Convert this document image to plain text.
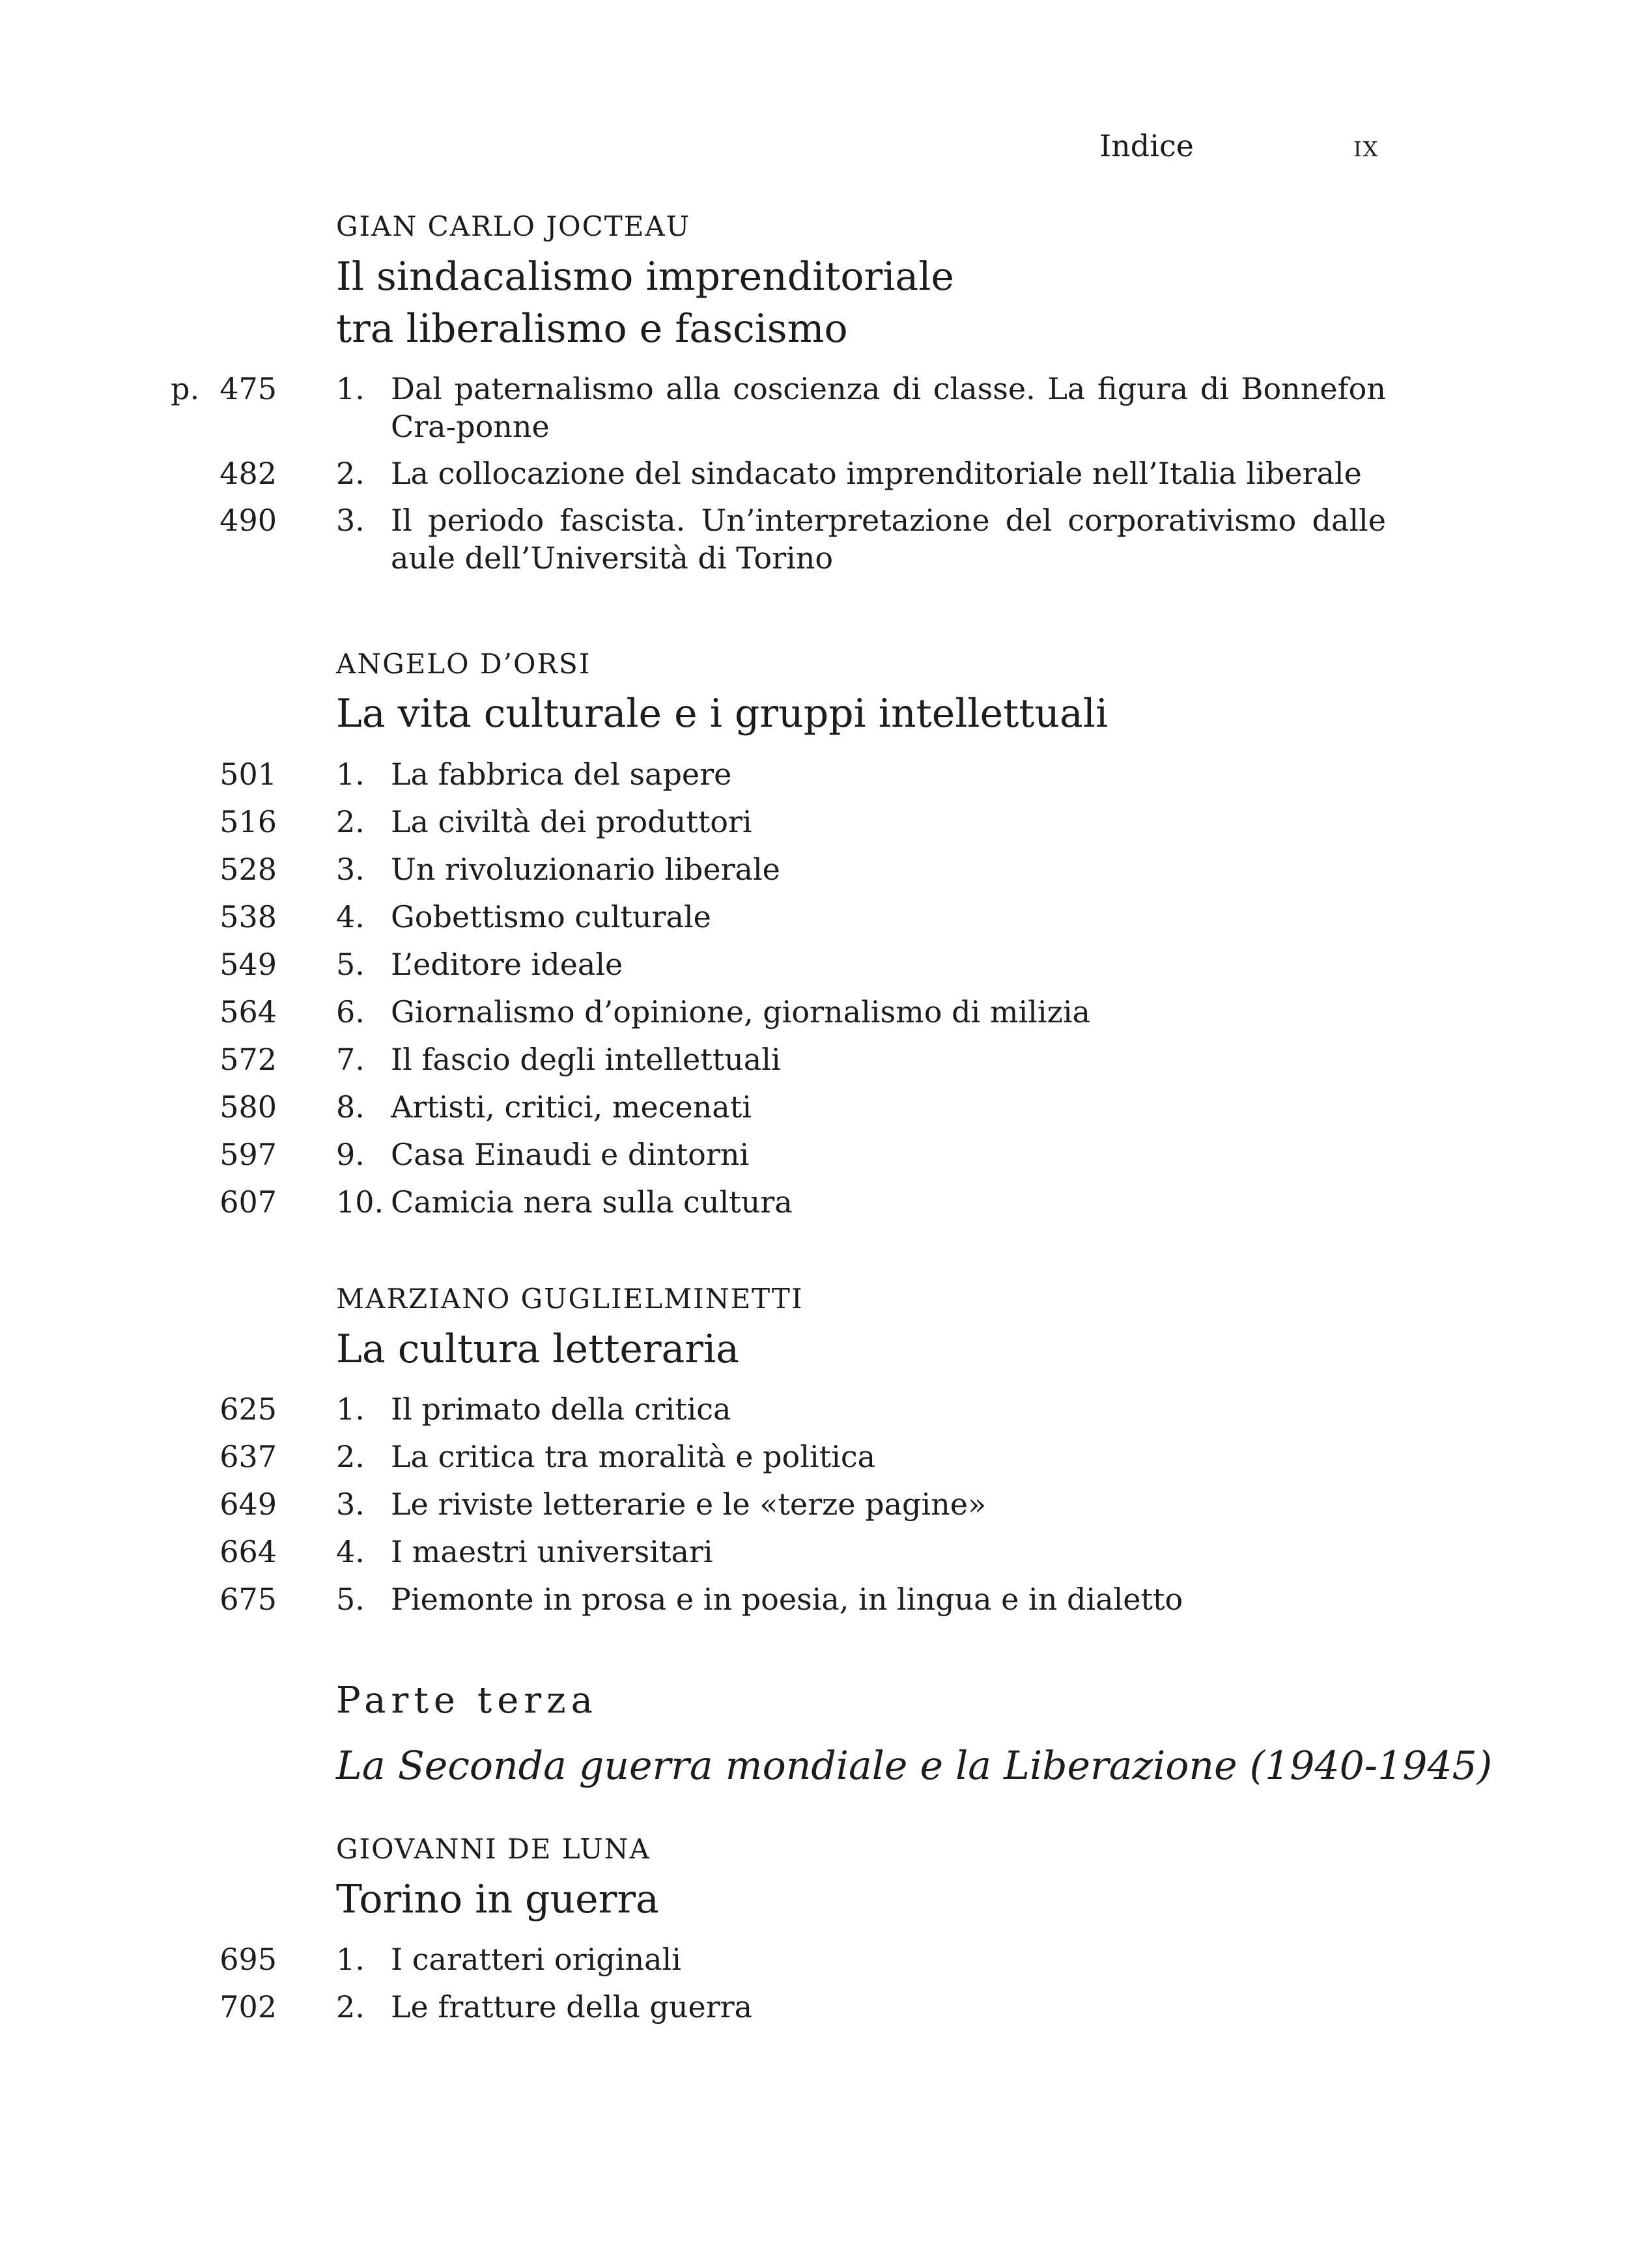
Indice	ix
GIAN CARLO JOCTEAU
Il sindacalismo imprenditoriale
tra liberalismo e fascismo
p. 475 1. Dal paternalismo alla coscienza di classe. La figura di Bonnefon Cra-ponne
482 2. La collocazione del sindacato imprenditoriale nell’Italia liberale
490 3. Il periodo fascista. Un’interpretazione del corporativismo dalle aule dell’Università di Torino
ANGELO D’ORSI
La vita culturale e i gruppi intellettuali
501 1. La fabbrica del sapere
516 2. La civiltà dei produttori
528 3. Un rivoluzionario liberale
538 4. Gobettismo culturale
549 5. L’editore ideale
564 6. Giornalismo d’opinione, giornalismo di milizia
572 7. Il fascio degli intellettuali
580 8. Artisti, critici, mecenati
597 9. Casa Einaudi e dintorni
607 10. Camicia nera sulla cultura
MARZIANO GUGLIELMINETTI
La cultura letteraria
625 1. Il primato della critica
637 2. La critica tra moralità e politica
649 3. Le riviste letterarie e le «terze pagine»
664 4. I maestri universitari
675 5. Piemonte in prosa e in poesia, in lingua e in dialetto
Parte terza
La Seconda guerra mondiale e la Liberazione (1940-1945)
GIOVANNI DE LUNA
Torino in guerra
695 1. I caratteri originali
702 2. Le fratture della guerra
